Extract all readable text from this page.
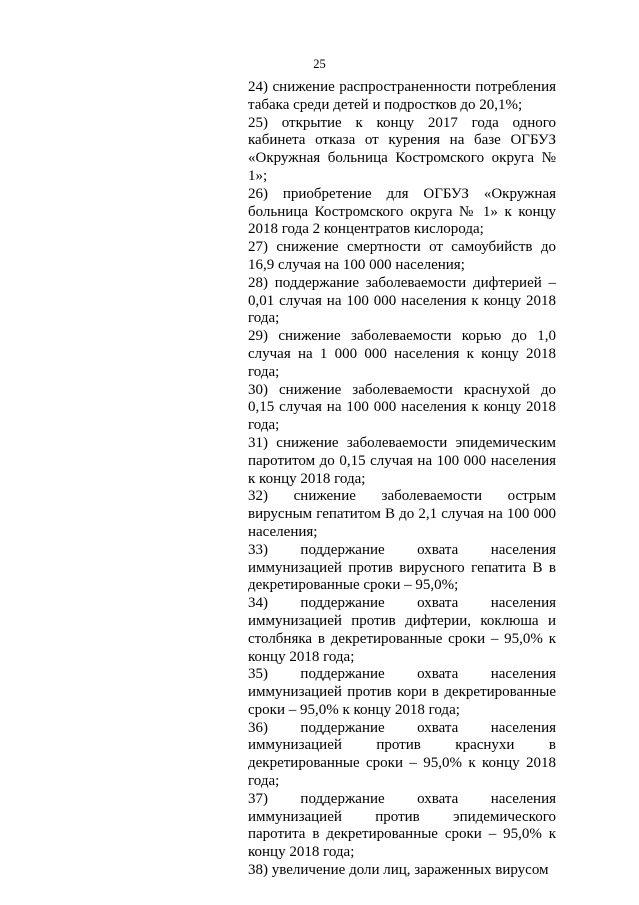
25

24) снижение распространенности потребления табака среди детей и подростков до 20,1%;

25) открытие к концу 2017 года одного кабинета отказа от курения на базе ОГБУЗ «Окружная больница Костромского округа № 1»;

26) приобретение для ОГБУЗ «Окружная больница Костромского округа № 1» к концу 2018 года 2 концентратов кислорода;

27) снижение смертности от самоубийств до 16,9 случая на 100 000 населения;

28) поддержание заболеваемости дифтерией – 0,01 случая на 100 000 населения к концу 2018 года;

29) снижение заболеваемости корью до 1,0 случая на 1 000 000 населения к концу 2018 года;

30) снижение заболеваемости краснухой до 0,15 случая на 100 000 населения к концу 2018 года;

31) снижение заболеваемости эпидемическим паротитом до 0,15 случая на 100 000 населения к концу 2018 года;

32) снижение заболеваемости острым вирусным гепатитом В до 2,1 случая на 100 000 населения;

33) поддержание охвата населения иммунизацией против вирусного гепатита В в декретированные сроки – 95,0%;

34) поддержание охвата населения иммунизацией против дифтерии, коклюша и столбняка в декретированные сроки – 95,0% к концу 2018 года;

35) поддержание охвата населения иммунизацией против кори в декретированные сроки – 95,0% к концу 2018 года;

36) поддержание охвата населения иммунизацией против краснухи в декретированные сроки – 95,0% к концу 2018 года;

37) поддержание охвата населения иммунизацией против эпидемического паротита в декретированные сроки – 95,0% к концу 2018 года;

38) увеличение доли лиц, зараженных вирусом
